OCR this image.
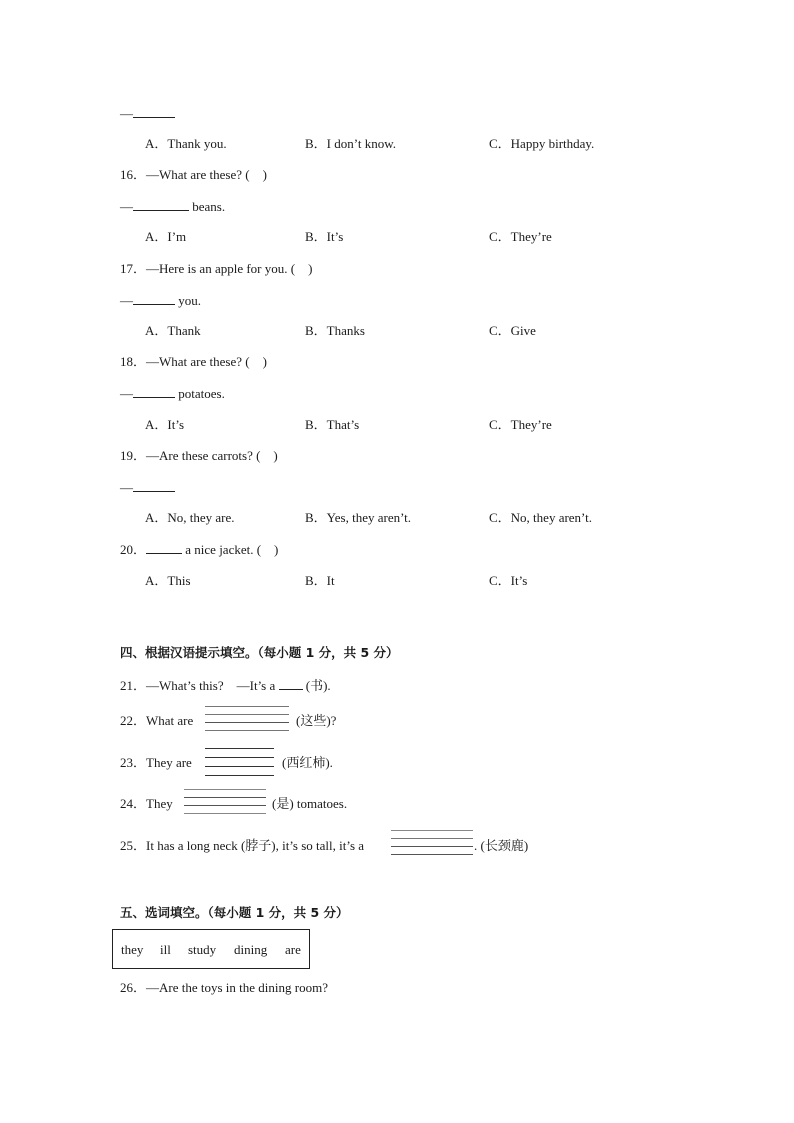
—
A．Thank you.	B．I don’t know.	C．Happy birthday.
16．—What are these? (　)
—	beans.
A．I’m	B．It’s	C．They’re
17．—Here is an apple for you. (　)
—	you.
A．Thank	B．Thanks	C．Give
18．—What are these? (　)
—	potatoes.
A．It’s	B．That’s	C．They’re
19．—Are these carrots? (　)
—
A．No, they are.	B．Yes, they aren’t.	C．No, they aren’t.
20．	a nice jacket. (　)
A．This	B．It	C．It’s
四、根据汉语提示填空。（每小题 1 分，共 5 分）
21．—What’s this?　—It’s a  (书).
22．What are	(这些)?
23．They are	(西红柿).
24．They	(是) tomatoes.
25．It has a long neck (脖子), it’s so tall, it’s a	. (长颈鹿)
五、选词填空。（每小题 1 分，共 5 分）
they ill study dining are
26．—Are the toys in the dining room?
